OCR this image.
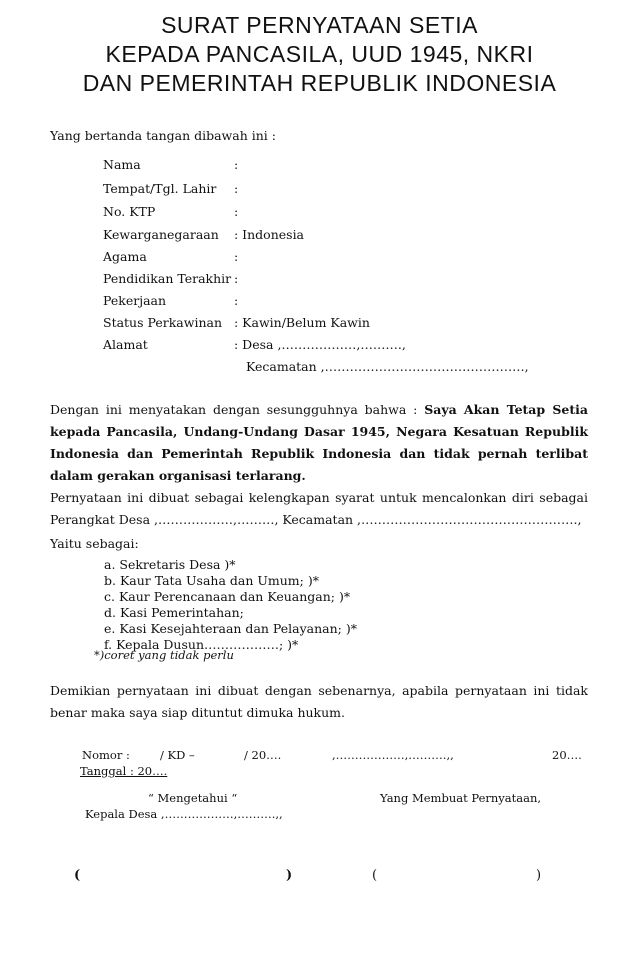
SURAT PERNYATAAN SETIA
KEPADA PANCASILA, UUD 1945, NKRI
DAN PEMERINTAH REPUBLIK INDONESIA
Yang bertanda tangan dibawah ini :
Nama	:
Tempat/Tgl. Lahir :
No. KTP	:
Kewarganegaraan : Indonesia
Agama	:
Pendidikan Terakhir :
Pekerjaan	:
Status Perkawinan : Kawin/Belum Kawin
Alamat	: Desa ,………………,……….,
Kecamatan ,…………………………………………,
Dengan ini menyatakan dengan sesungguhnya bahwa : Saya Akan Tetap Setia kepada Pancasila, Undang-Undang Dasar 1945, Negara Kesatuan Republik Indonesia dan Pemerintah Republik Indonesia dan tidak pernah terlibat dalam gerakan organisasi terlarang.
Pernyataan ini dibuat sebagai kelengkapan syarat untuk mencalonkan diri sebagai Perangkat Desa ,………………,………, Kecamatan ,…………………………………………….,
Yaitu sebagai:
a. Sekretaris Desa )*
b. Kaur Tata Usaha dan Umum; )*
c. Kaur Perencanaan dan Keuangan; )*
d. Kasi Pemerintahan;
e. Kasi Kesejahteraan dan Pelayanan; )*
f. Kepala Dusun………………; )*
*)coret yang tidak perlu
Demikian pernyataan ini dibuat dengan sebenarnya, apabila pernyataan ini tidak benar maka saya siap dituntut dimuka hukum.
Nomor :	/ KD –	/ 20….	,………………,……….,,	20….
Tanggal : 20….
“ Mengetahui “
Kepala Desa ,………………,……….,,
Yang Membuat Pernyataan,
(	)	(	)
